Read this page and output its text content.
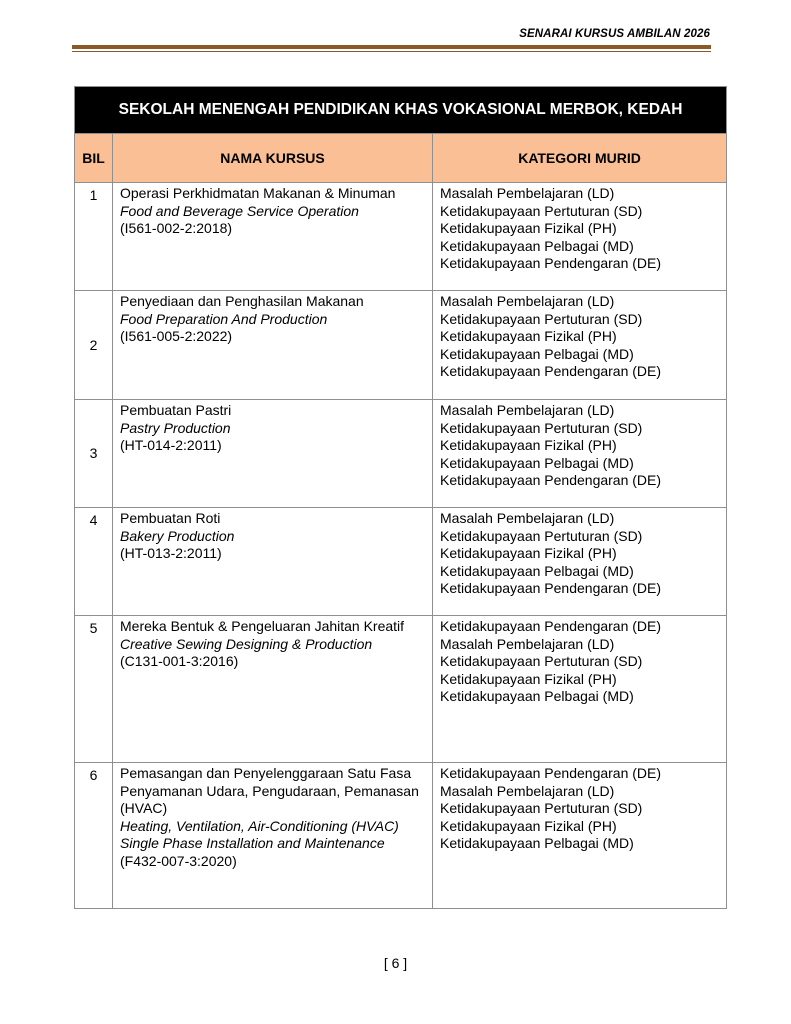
SENARAI KURSUS AMBILAN 2026
SEKOLAH MENENGAH PENDIDIKAN KHAS VOKASIONAL MERBOK, KEDAH		
BIL	NAMA KURSUS	KATEGORI MURID
1	Operasi Perkhidmatan Makanan & Minuman
Food and Beverage Service Operation
(I561-002-2:2018)	Masalah Pembelajaran (LD)
Ketidakupayaan Pertuturan (SD)
Ketidakupayaan Fizikal (PH)
Ketidakupayaan Pelbagai (MD)
Ketidakupayaan Pendengaran (DE)

2	Penyediaan dan Penghasilan Makanan
Food Preparation And Production
(I561-005-2:2022)	Masalah Pembelajaran (LD)
Ketidakupayaan Pertuturan (SD)
Ketidakupayaan Fizikal (PH)
Ketidakupayaan Pelbagai (MD)
Ketidakupayaan Pendengaran (DE)

3	Pembuatan Pastri
Pastry Production
(HT-014-2:2011)	Masalah Pembelajaran (LD)
Ketidakupayaan Pertuturan (SD)
Ketidakupayaan Fizikal (PH)
Ketidakupayaan Pelbagai (MD)
Ketidakupayaan Pendengaran (DE)

4	Pembuatan Roti
Bakery Production
(HT-013-2:2011)	Masalah Pembelajaran (LD)
Ketidakupayaan Pertuturan (SD)
Ketidakupayaan Fizikal (PH)
Ketidakupayaan Pelbagai (MD)
Ketidakupayaan Pendengaran (DE)

5	Mereka Bentuk & Pengeluaran Jahitan Kreatif
Creative Sewing Designing & Production
(C131-001-3:2016)	Ketidakupayaan Pendengaran (DE)
Masalah Pembelajaran (LD)
Ketidakupayaan Pertuturan (SD)
Ketidakupayaan Fizikal (PH)
Ketidakupayaan Pelbagai (MD)

6	Pemasangan dan Penyelenggaraan Satu Fasa Penyamanan Udara, Pengudaraan, Pemanasan (HVAC)
Heating, Ventilation, Air-Conditioning (HVAC) Single Phase Installation and Maintenance
(F432-007-3:2020)	Ketidakupayaan Pendengaran (DE)
Masalah Pembelajaran (LD)
Ketidakupayaan Pertuturan (SD)
Ketidakupayaan Fizikal (PH)
Ketidakupayaan Pelbagai (MD)
[ 6 ]
